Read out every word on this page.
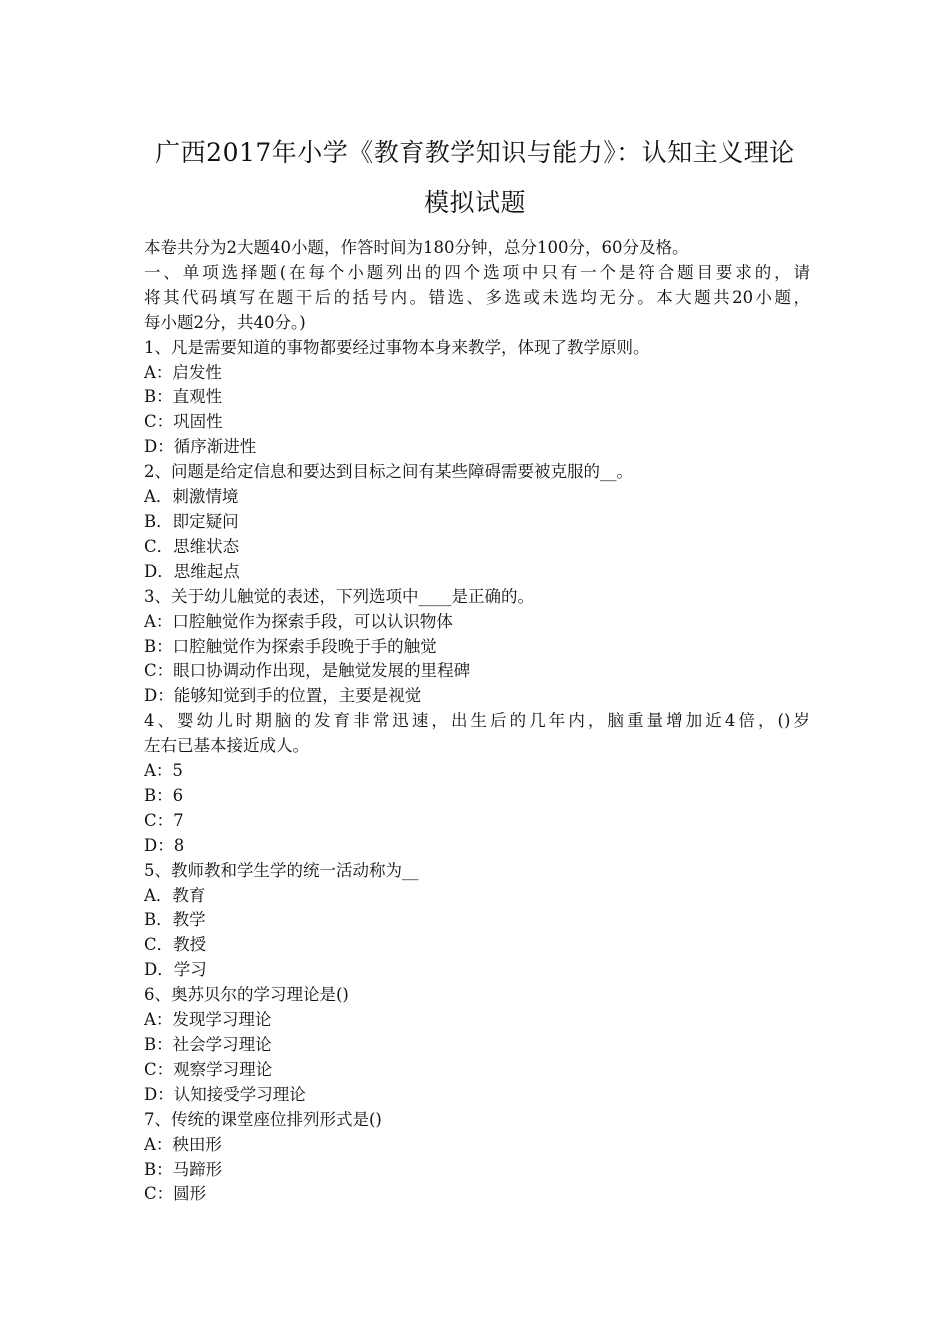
广西2017年小学《教育教学知识与能力》：认知主义理论
模拟试题
本卷共分为2大题40小题，作答时间为180分钟，总分100分，60分及格。
一、单项选择题(在每个小题列出的四个选项中只有一个是符合题目要求的，请
将其代码填写在题干后的括号内。错选、多选或未选均无分。本大题共20小题，
每小题2分，共40分。)
1、凡是需要知道的事物都要经过事物本身来教学，体现了教学原则。
A：启发性
B：直观性
C：巩固性
D：循序渐进性
2、问题是给定信息和要达到目标之间有某些障碍需要被克服的__。
A．刺激情境
B．即定疑问
C．思维状态
D．思维起点
3、关于幼儿触觉的表述，下列选项中____是正确的。
A：口腔触觉作为探索手段，可以认识物体
B：口腔触觉作为探索手段晚于手的触觉
C：眼口协调动作出现，是触觉发展的里程碑
D：能够知觉到手的位置，主要是视觉
4、婴幼儿时期脑的发育非常迅速，出生后的几年内，脑重量增加近4倍，()岁
左右已基本接近成人。
A：5
B：6
C：7
D：8
5、教师教和学生学的统一活动称为__
A．教育
B．教学
C．教授
D．学习
6、奥苏贝尔的学习理论是()
A：发现学习理论
B：社会学习理论
C：观察学习理论
D：认知接受学习理论
7、传统的课堂座位排列形式是()
A：秧田形
B：马蹄形
C：圆形
